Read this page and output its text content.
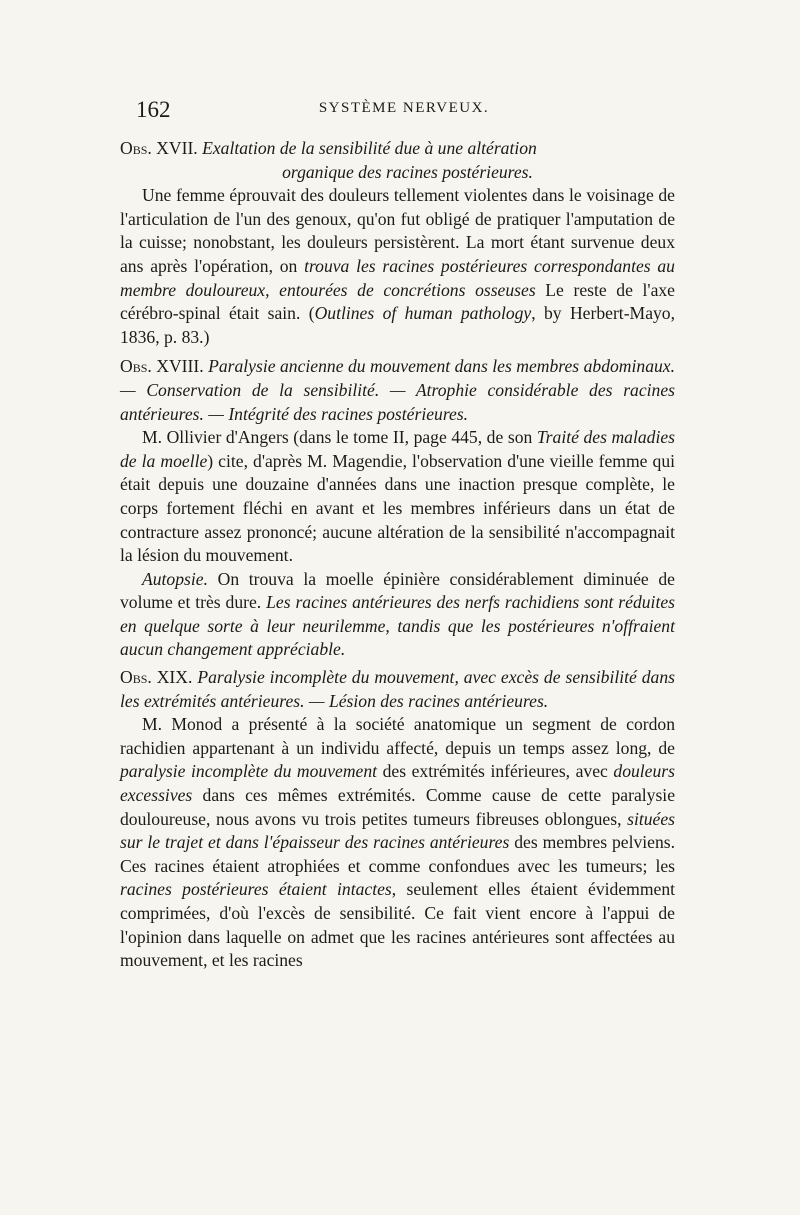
162	SYSTÈME NERVEUX.

Obs. XVII. Exaltation de la sensibilité due à une altération

organique des racines postérieures.

Une femme éprouvait des douleurs tellement violentes dans le voisinage de l'articulation de l'un des genoux, qu'on fut obligé de pratiquer l'amputation de la cuisse; nonobstant, les douleurs persistèrent. La mort étant survenue deux ans après l'opération, on trouva les racines postérieures correspondantes au membre douloureux, entourées de concrétions osseuses Le reste de l'axe cérébro-spinal était sain. (Outlines of human pathology, by Herbert-Mayo, 1836, p. 83.)

Obs. XVIII. Paralysie ancienne du mouvement dans les membres abdominaux. — Conservation de la sensibilité. — Atrophie considérable des racines antérieures. — Intégrité des racines postérieures.

M. Ollivier d'Angers (dans le tome II, page 445, de son Traité des maladies de la moelle) cite, d'après M. Magendie, l'observation d'une vieille femme qui était depuis une douzaine d'années dans une inaction presque complète, le corps fortement fléchi en avant et les membres inférieurs dans un état de contracture assez prononcé; aucune altération de la sensibilité n'accompagnait la lésion du mouvement.

Autopsie. On trouva la moelle épinière considérablement diminuée de volume et très dure. Les racines antérieures des nerfs rachidiens sont réduites en quelque sorte à leur neurilemme, tandis que les postérieures n'offraient aucun changement appréciable.

Obs. XIX. Paralysie incomplète du mouvement, avec excès de sensibilité dans les extrémités antérieures. — Lésion des racines antérieures.

M. Monod a présenté à la société anatomique un segment de cordon rachidien appartenant à un individu affecté, depuis un temps assez long, de paralysie incomplète du mouvement des extrémités inférieures, avec douleurs excessives dans ces mêmes extrémités. Comme cause de cette paralysie douloureuse, nous avons vu trois petites tumeurs fibreuses oblongues, situées sur le trajet et dans l'épaisseur des racines antérieures des membres pelviens. Ces racines étaient atrophiées et comme confondues avec les tumeurs; les racines postérieures étaient intactes, seulement elles étaient évidemment comprimées, d'où l'excès de sensibilité. Ce fait vient encore à l'appui de l'opinion dans laquelle on admet que les racines antérieures sont affectées au mouvement, et les racines
